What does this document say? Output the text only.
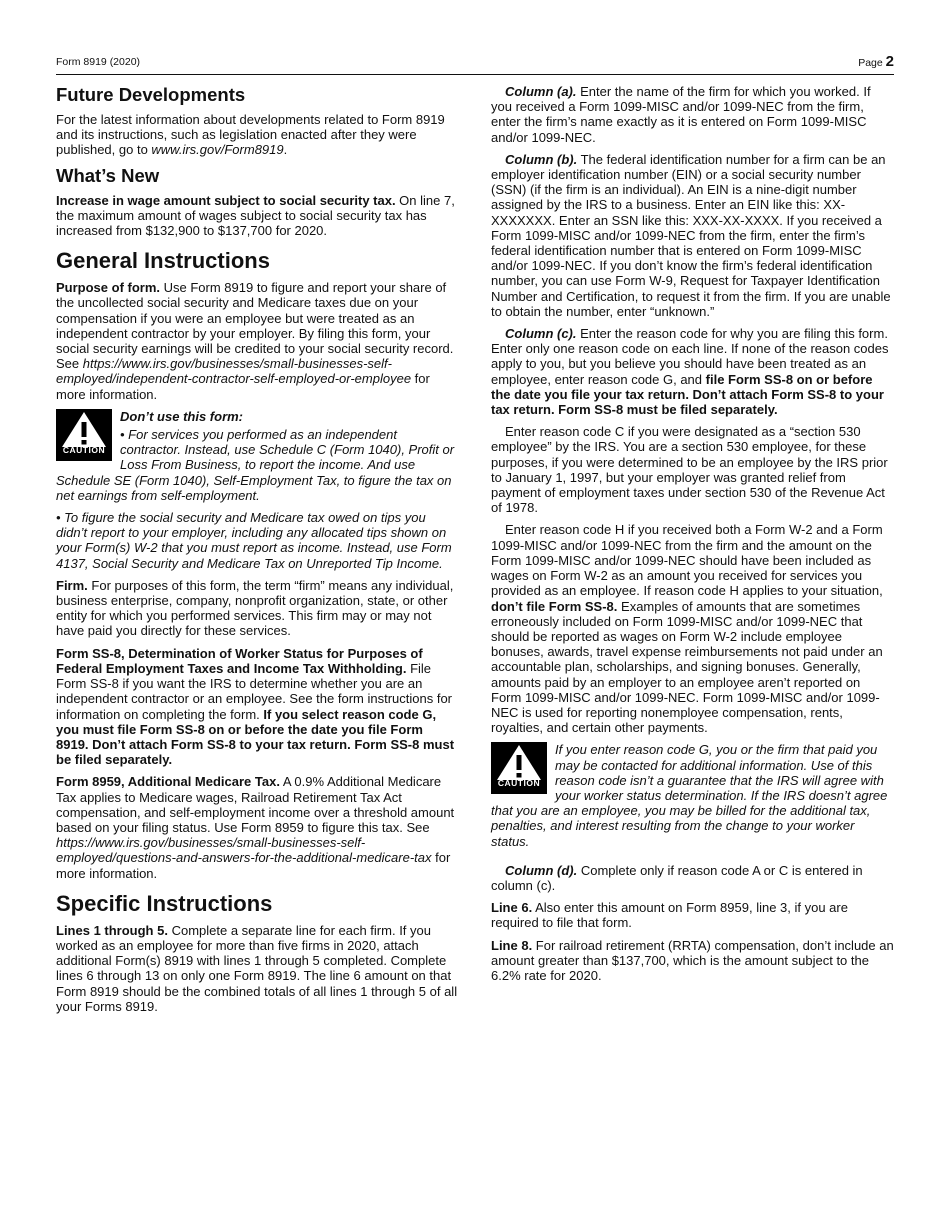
Form 8919 (2020)	Page 2
Future Developments

For the latest information about developments related to Form 8919 and its instructions, such as legislation enacted after they were published, go to www.irs.gov/Form8919.

What’s New

Increase in wage amount subject to social security tax. On line 7, the maximum amount of wages subject to social security tax has increased from $132,900 to $137,700 for 2020.

General Instructions

Purpose of form. Use Form 8919 to figure and report your share of the uncollected social security and Medicare taxes due on your compensation if you were an employee but were treated as an independent contractor by your employer. By filing this form, your social security earnings will be credited to your social security record. See https://www.irs.gov/businesses/small-businesses-self-employed/independent-contractor-self-employed-or-employee for more information.

CAUTION

Don’t use this form:

• For services you performed as an independent contractor. Instead, use Schedule C (Form 1040), Profit or Loss From Business, to report the income. And use Schedule SE (Form 1040), Self-Employment Tax, to figure the tax on net earnings from self-employment.

• To figure the social security and Medicare tax owed on tips you didn’t report to your employer, including any allocated tips shown on your Form(s) W-2 that you must report as income. Instead, use Form 4137, Social Security and Medicare Tax on Unreported Tip Income.

Firm. For purposes of this form, the term “firm” means any individual, business enterprise, company, nonprofit organization, state, or other entity for which you performed services. This firm may or may not have paid you directly for these services.

Form SS-8, Determination of Worker Status for Purposes of Federal Employment Taxes and Income Tax Withholding. File Form SS-8 if you want the IRS to determine whether you are an independent contractor or an employee. See the form instructions for information on completing the form. If you select reason code G, you must file Form SS-8 on or before the date you file Form 8919. Don’t attach Form SS-8 to your tax return. Form SS-8 must be filed separately.

Form 8959, Additional Medicare Tax. A 0.9% Additional Medicare Tax applies to Medicare wages, Railroad Retirement Tax Act compensation, and self-employment income over a threshold amount based on your filing status. Use Form 8959 to figure this tax. See https://www.irs.gov/businesses/small-businesses-self-employed/questions-and-answers-for-the-additional-medicare-tax for more information.

Specific Instructions

Lines 1 through 5. Complete a separate line for each firm. If you worked as an employee for more than five firms in 2020, attach additional Form(s) 8919 with lines 1 through 5 completed. Complete lines 6 through 13 on only one Form 8919. The line 6 amount on that Form 8919 should be the combined totals of all lines 1 through 5 of all your Forms 8919.

Column (a). Enter the name of the firm for which you worked. If you received a Form 1099-MISC and/or 1099-NEC from the firm, enter the firm’s name exactly as it is entered on Form 1099-MISC and/or 1099-NEC.

Column (b). The federal identification number for a firm can be an employer identification number (EIN) or a social security number (SSN) (if the firm is an individual). An EIN is a nine-digit number assigned by the IRS to a business. Enter an EIN like this: XX-XXXXXXX. Enter an SSN like this: XXX-XX-XXXX. If you received a Form 1099-MISC and/or 1099-NEC from the firm, enter the firm’s federal identification number that is entered on Form 1099-MISC and/or 1099-NEC. If you don’t know the firm’s federal identification number, you can use Form W-9, Request for Taxpayer Identification Number and Certification, to request it from the firm. If you are unable to obtain the number, enter “unknown.”

Column (c). Enter the reason code for why you are filing this form. Enter only one reason code on each line. If none of the reason codes apply to you, but you believe you should have been treated as an employee, enter reason code G, and file Form SS-8 on or before the date you file your tax return. Don’t attach Form SS-8 to your tax return. Form SS-8 must be filed separately.

Enter reason code C if you were designated as a “section 530 employee” by the IRS. You are a section 530 employee, for these purposes, if you were determined to be an employee by the IRS prior to January 1, 1997, but your employer was granted relief from payment of employment taxes under section 530 of the Revenue Act of 1978.

Enter reason code H if you received both a Form W-2 and a Form 1099-MISC and/or 1099-NEC from the firm and the amount on the Form 1099-MISC and/or 1099-NEC should have been included as wages on Form W-2 as an amount you received for services you provided as an employee. If reason code H applies to your situation, don’t file Form SS-8. Examples of amounts that are sometimes erroneously included on Form 1099-MISC and/or 1099-NEC that should be reported as wages on Form W-2 include employee bonuses, awards, travel expense reimbursements not paid under an accountable plan, scholarships, and signing bonuses. Generally, amounts paid by an employer to an employee aren’t reported on Form 1099-MISC and/or 1099-NEC. Form 1099-MISC and/or 1099-NEC is used for reporting nonemployee compensation, rents, royalties, and certain other payments.

CAUTION

If you enter reason code G, you or the firm that paid you may be contacted for additional information. Use of this reason code isn’t a guarantee that the IRS will agree with your worker status determination. If the IRS doesn’t agree that you are an employee, you may be billed for the additional tax, penalties, and interest resulting from the change to your worker status.

Column (d). Complete only if reason code A or C is entered in column (c).

Line 6. Also enter this amount on Form 8959, line 3, if you are required to file that form.

Line 8. For railroad retirement (RRTA) compensation, don’t include an amount greater than $137,700, which is the amount subject to the 6.2% rate for 2020.
